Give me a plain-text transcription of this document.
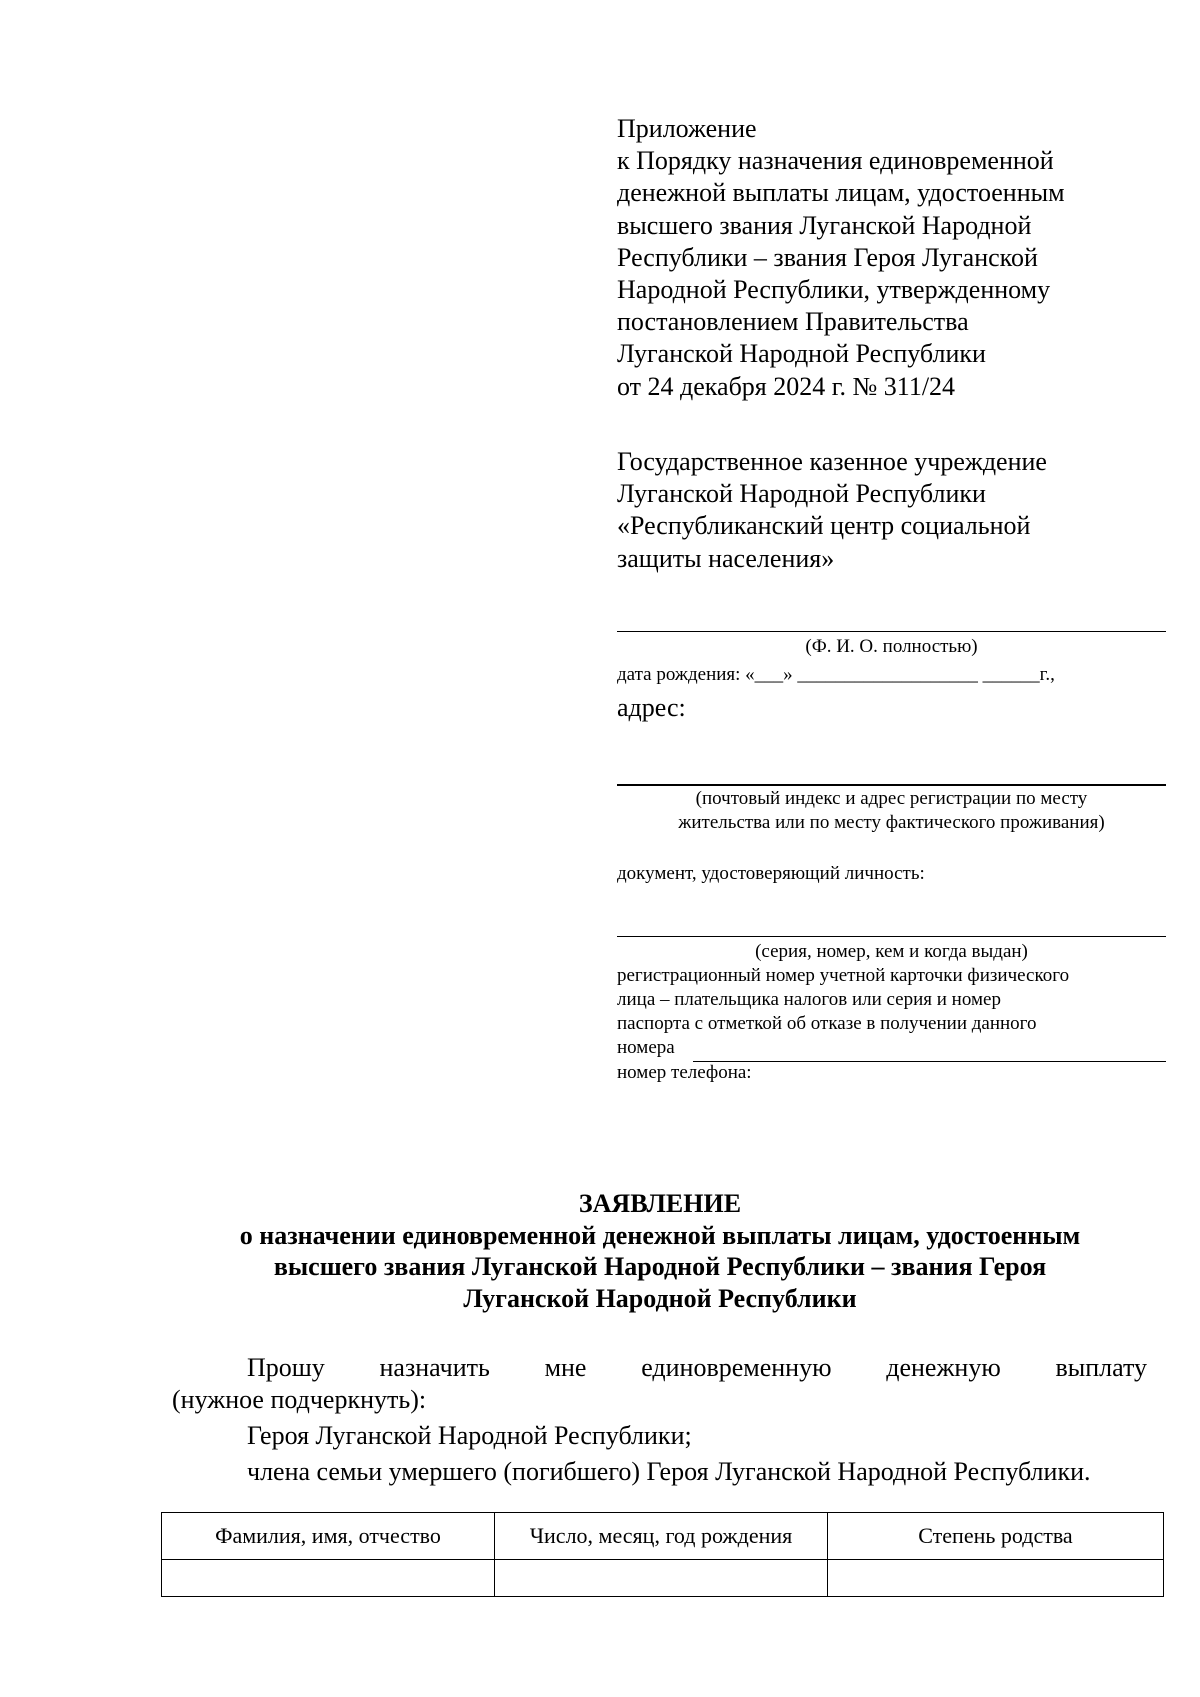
Приложение
к Порядку назначения единовременной
денежной выплаты лицам, удостоенным
высшего звания Луганской Народной
Республики – звания Героя Луганской
Народной Республики, утвержденному
постановлением Правительства
Луганской Народной Республики
от 24 декабря 2024 г. № 311/24
Государственное казенное учреждение
Луганской Народной Республики
«Республиканский центр социальной
защиты населения»
(Ф. И. О. полностью)
дата рождения: «___» ___________________ ______г.,
адрес:
(почтовый индекс и адрес регистрации по месту
жительства или по месту фактического проживания)
документ, удостоверяющий личность:
(серия, номер, кем и когда выдан)
регистрационный номер учетной карточки физического
лица – плательщика налогов или серия и номер
паспорта с отметкой об отказе в получении данного
номера
номер телефона:
ЗАЯВЛЕНИЕ
о назначении единовременной денежной выплаты лицам, удостоенным
высшего звания Луганской Народной Республики – звания Героя
Луганской Народной Республики
Прошу назначить мне единовременную денежную выплату
(нужное подчеркнуть):
Героя Луганской Народной Республики;
члена семьи умершего (погибшего) Героя Луганской Народной Республики.
Фамилия, имя, отчество	Число, месяц, год рождения	Степень родства
